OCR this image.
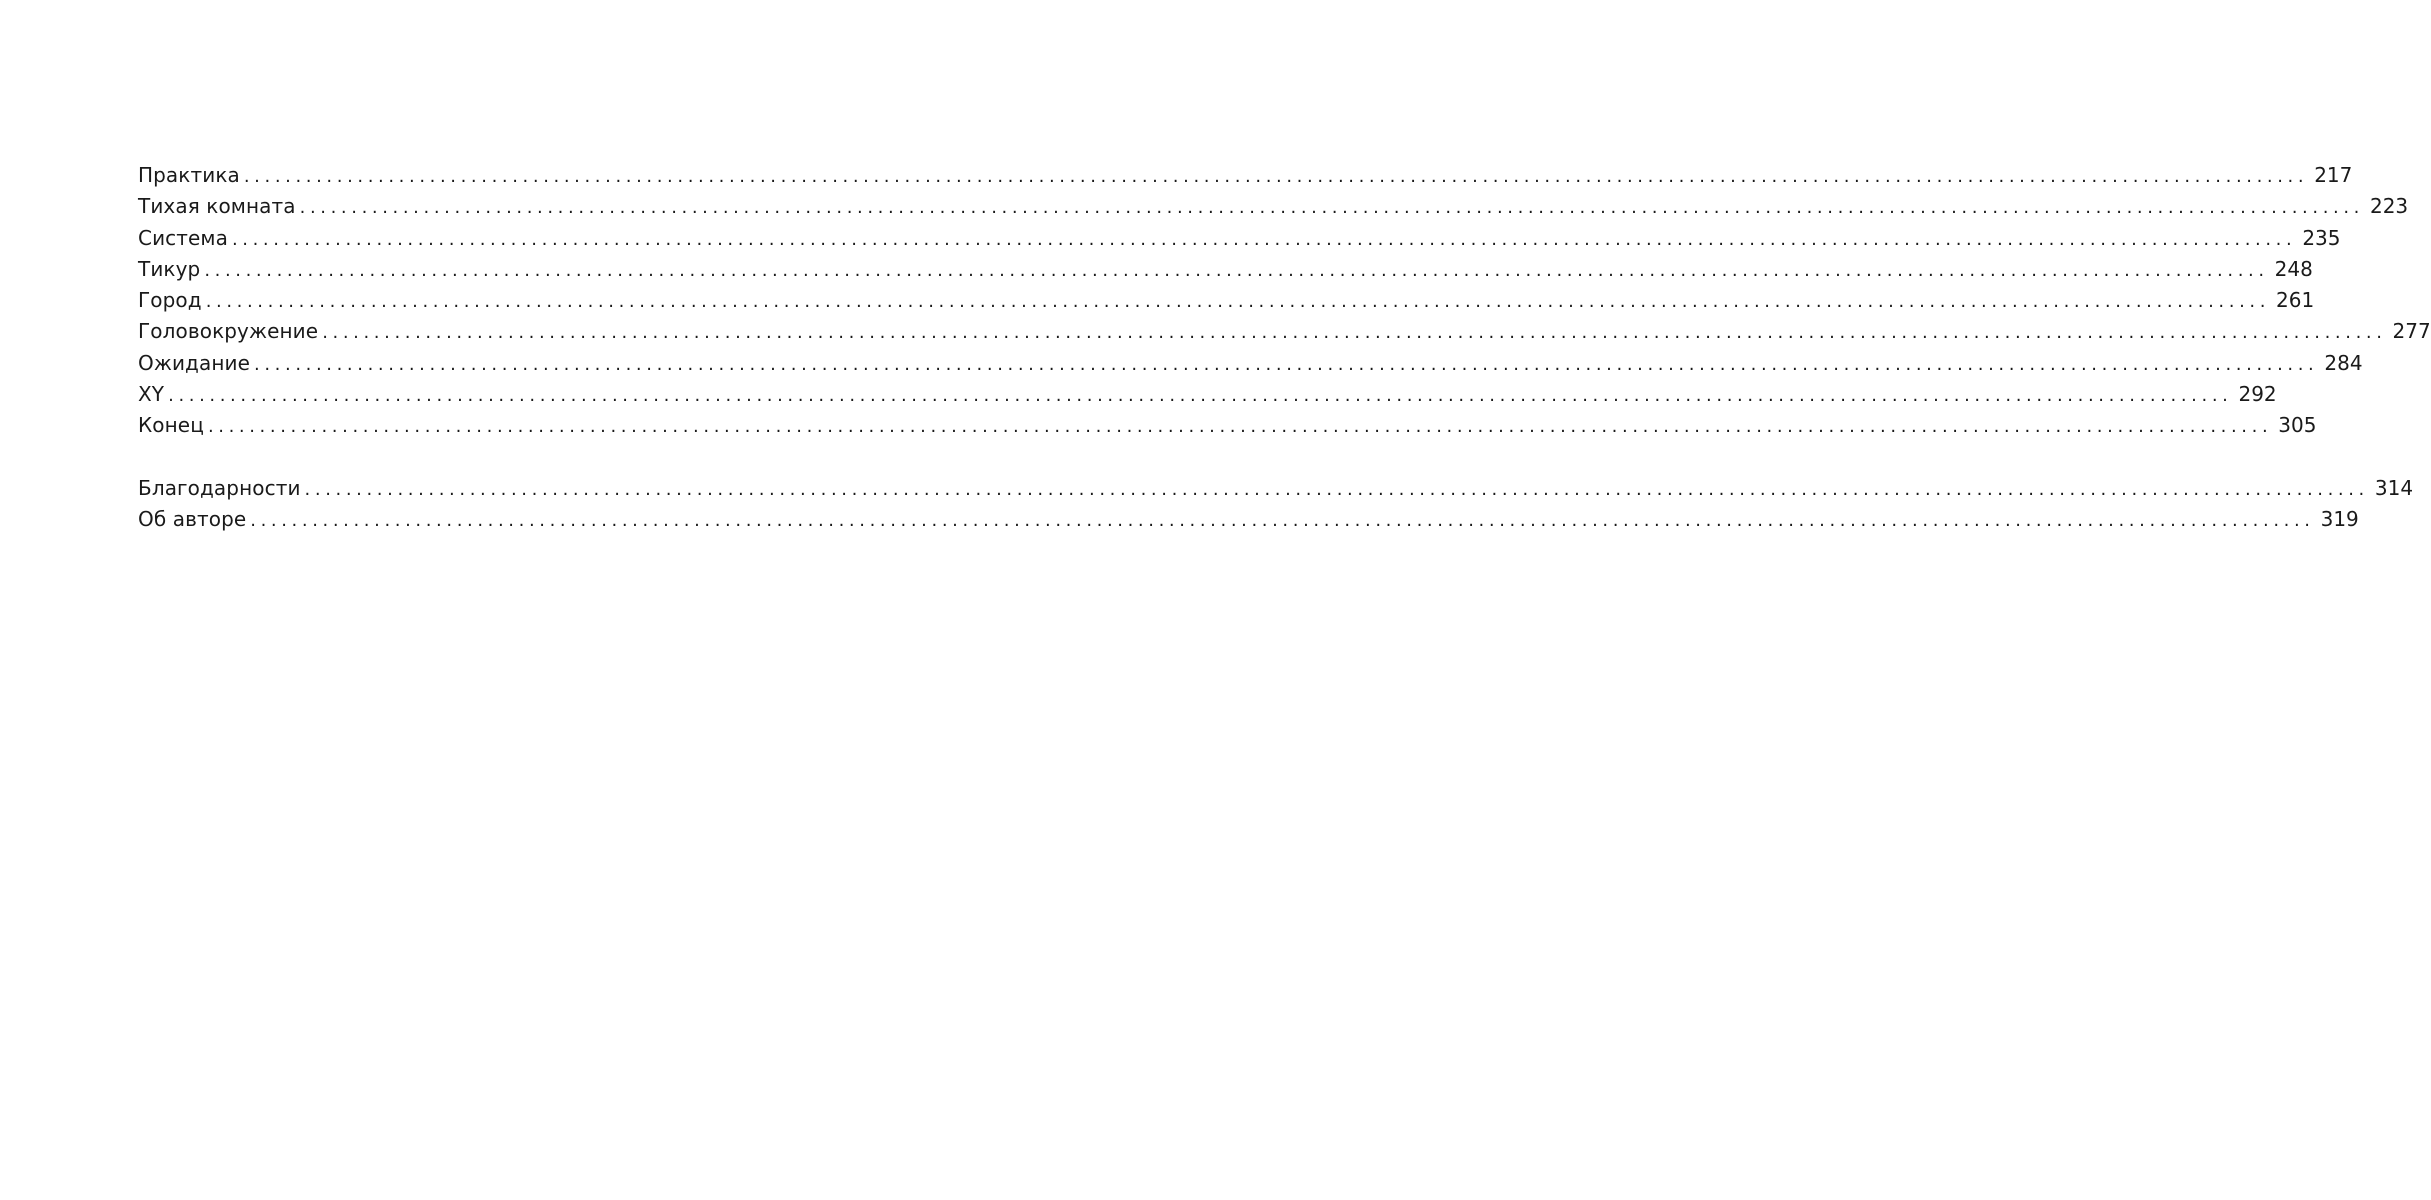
Практика ........................................................................................................................................................................................................ 217
Тихая комната ........................................................................................................................................................................................................ 223
Система ........................................................................................................................................................................................................ 235
Тикур ........................................................................................................................................................................................................ 248
Город ........................................................................................................................................................................................................ 261
Головокружение ........................................................................................................................................................................................................ 277
Ожидание ........................................................................................................................................................................................................ 284
XY ........................................................................................................................................................................................................ 292
Конец ........................................................................................................................................................................................................ 305
Благодарности ........................................................................................................................................................................................................ 314
Об авторе ........................................................................................................................................................................................................ 319
